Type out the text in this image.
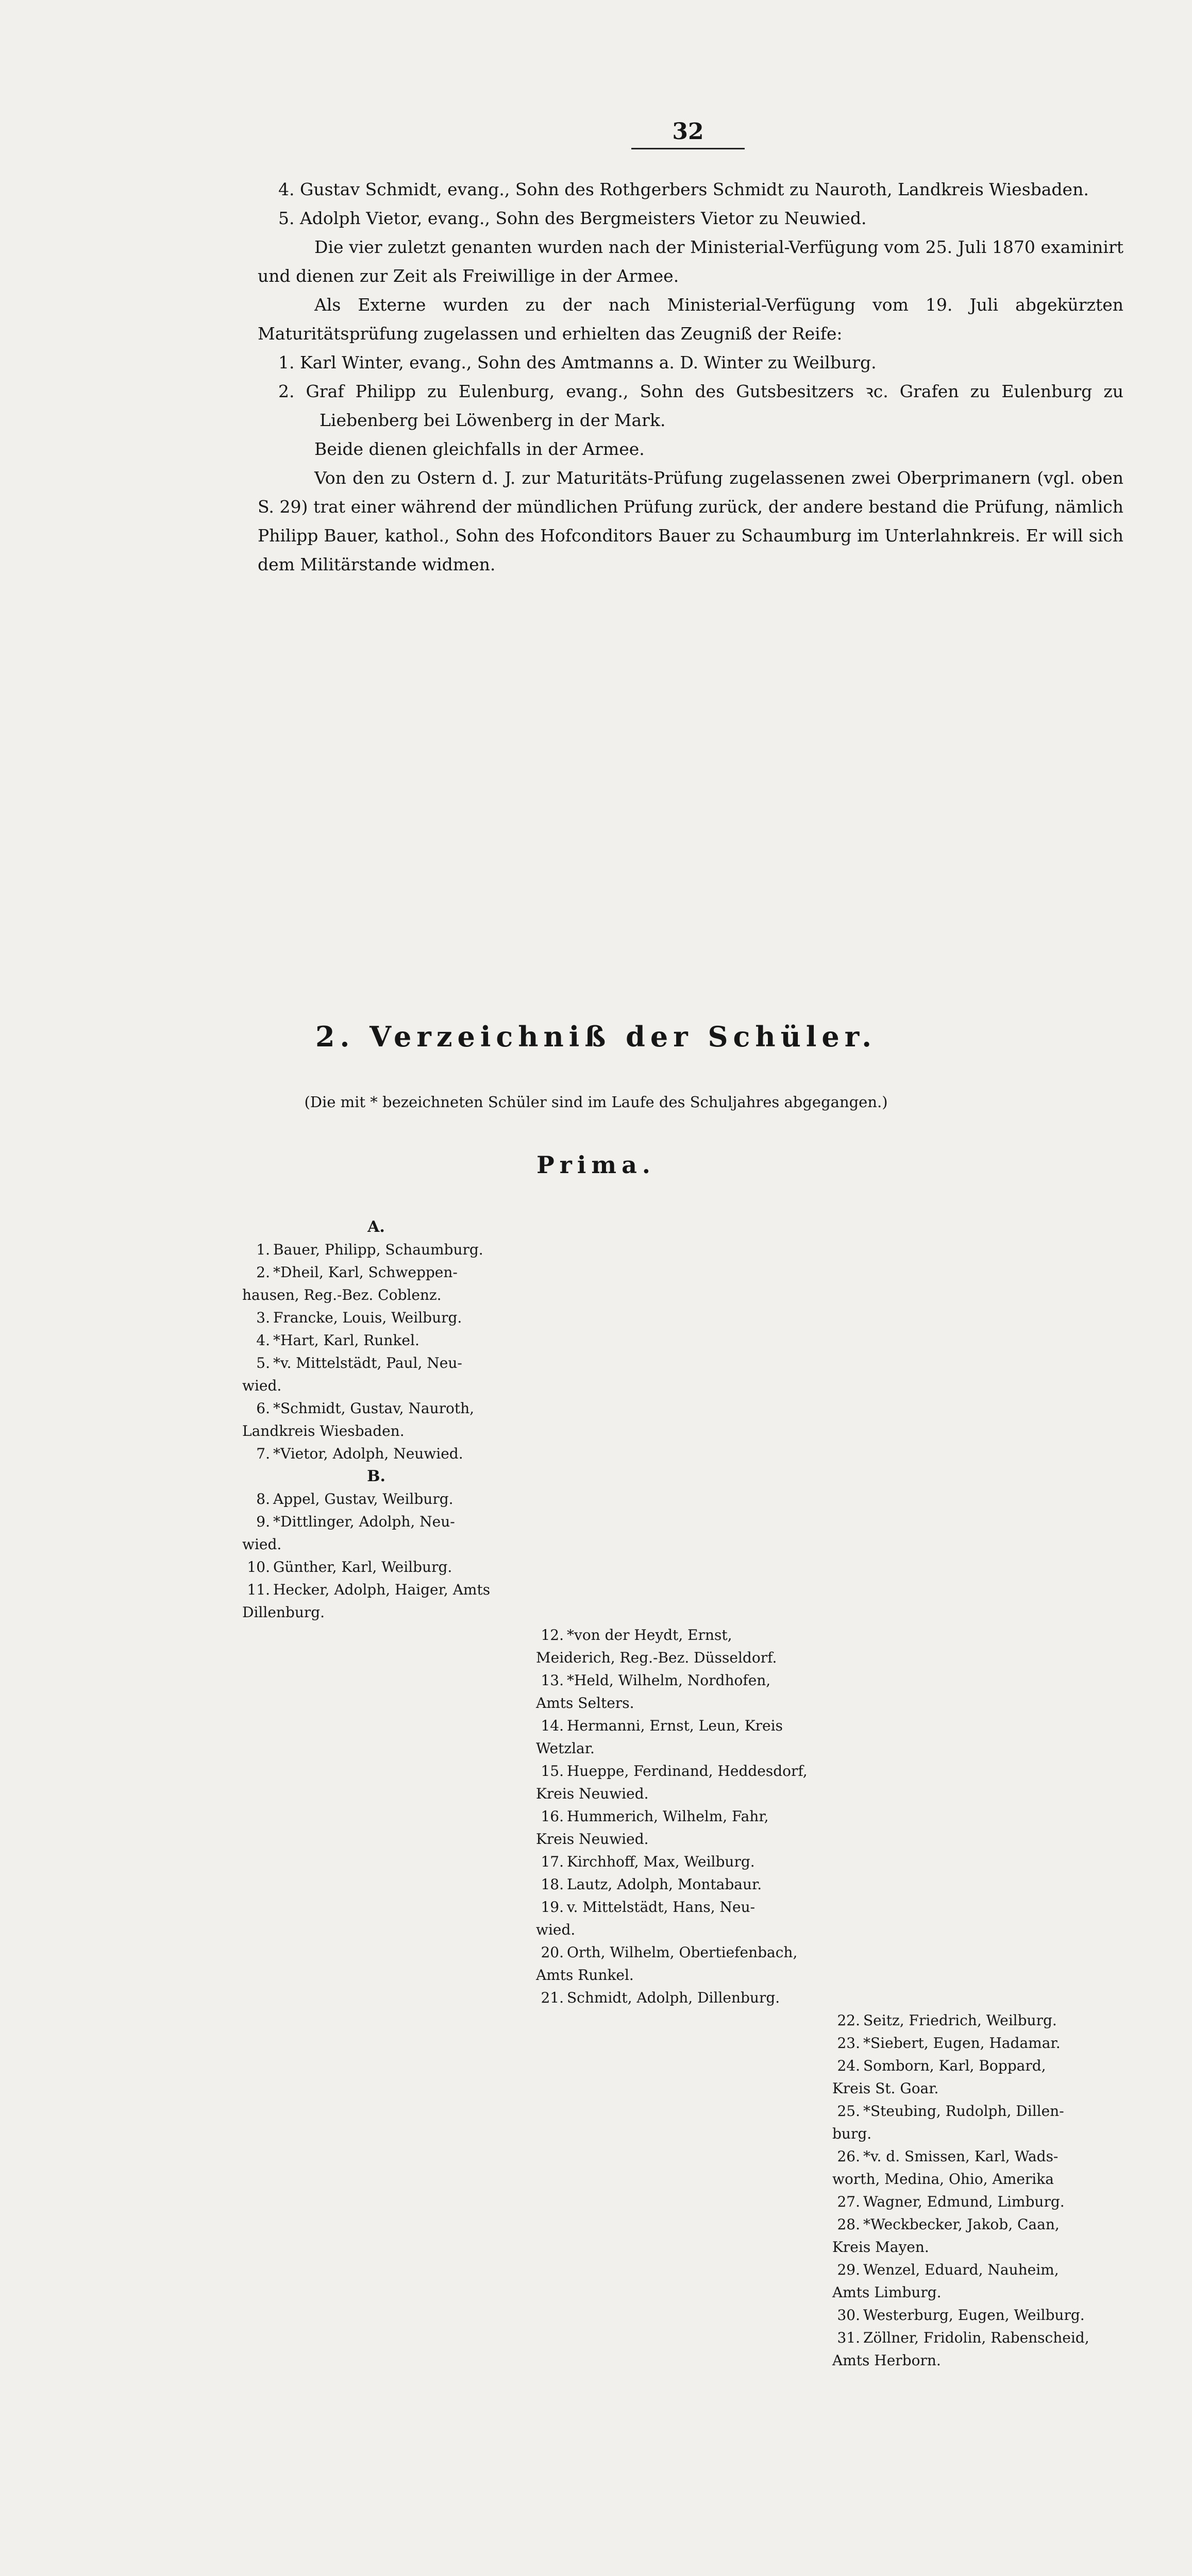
32

4. Gustav Schmidt, evang., Sohn des Rothgerbers Schmidt zu Nauroth, Landkreis Wiesbaden.

5. Adolph Vietor, evang., Sohn des Bergmeisters Vietor zu Neuwied.

Die vier zuletzt genanten wurden nach der Ministerial-Verfügung vom 25. Juli 1870 examinirt und dienen zur Zeit als Freiwillige in der Armee.

Als Externe wurden zu der nach Ministerial-Verfügung vom 19. Juli abgekürzten Maturitätsprüfung zugelassen und erhielten das Zeugniß der Reife:

1. Karl Winter, evang., Sohn des Amtmanns a. D. Winter zu Weilburg.

2. Graf Philipp zu Eulenburg, evang., Sohn des Gutsbesitzers ꝛc. Grafen zu Eulenburg zu Liebenberg bei Löwenberg in der Mark.

Beide dienen gleichfalls in der Armee.

Von den zu Ostern d. J. zur Maturitäts-Prüfung zugelassenen zwei Oberprimanern (vgl. oben S. 29) trat einer während der mündlichen Prüfung zurück, der andere bestand die Prüfung, nämlich Philipp Bauer, kathol., Sohn des Hofconditors Bauer zu Schaumburg im Unterlahnkreis. Er will sich dem Militärstande widmen.

2. Verzeichniß der Schüler.
(Die mit * bezeichneten Schüler sind im Laufe des Schuljahres abgegangen.)
Prima.
A.

1. Bauer, Philipp, Schaumburg.

2. *Dheil, Karl, Schweppen-

hausen, Reg.-Bez. Coblenz.

3. Francke, Louis, Weilburg.

4. *Hart, Karl, Runkel.

5. *v. Mittelstädt, Paul, Neu-

wied.

6. *Schmidt, Gustav, Nauroth,

Landkreis Wiesbaden.

7. *Vietor, Adolph, Neuwied.

B.

8. Appel, Gustav, Weilburg.

9. *Dittlinger, Adolph, Neu-

wied.

10. Günther, Karl, Weilburg.

11. Hecker, Adolph, Haiger, Amts

Dillenburg.

12. *von der Heydt, Ernst,

Meiderich, Reg.-Bez. Düsseldorf.

13. *Held, Wilhelm, Nordhofen,

Amts Selters.

14. Hermanni, Ernst, Leun, Kreis

Wetzlar.

15. Hueppe, Ferdinand, Heddesdorf,

Kreis Neuwied.

16. Hummerich, Wilhelm, Fahr,

Kreis Neuwied.

17. Kirchhoff, Max, Weilburg.

18. Lautz, Adolph, Montabaur.

19. v. Mittelstädt, Hans, Neu-

wied.

20. Orth, Wilhelm, Obertiefenbach,

Amts Runkel.

21. Schmidt, Adolph, Dillenburg.

22. Seitz, Friedrich, Weilburg.

23. *Siebert, Eugen, Hadamar.

24. Somborn, Karl, Boppard,

Kreis St. Goar.

25. *Steubing, Rudolph, Dillen-

burg.

26. *v. d. Smissen, Karl, Wads-

worth, Medina, Ohio, Amerika

27. Wagner, Edmund, Limburg.

28. *Weckbecker, Jakob, Caan,

Kreis Mayen.

29. Wenzel, Eduard, Nauheim,

Amts Limburg.

30. Westerburg, Eugen, Weilburg.

31. Zöllner, Fridolin, Rabenscheid,

Amts Herborn.
